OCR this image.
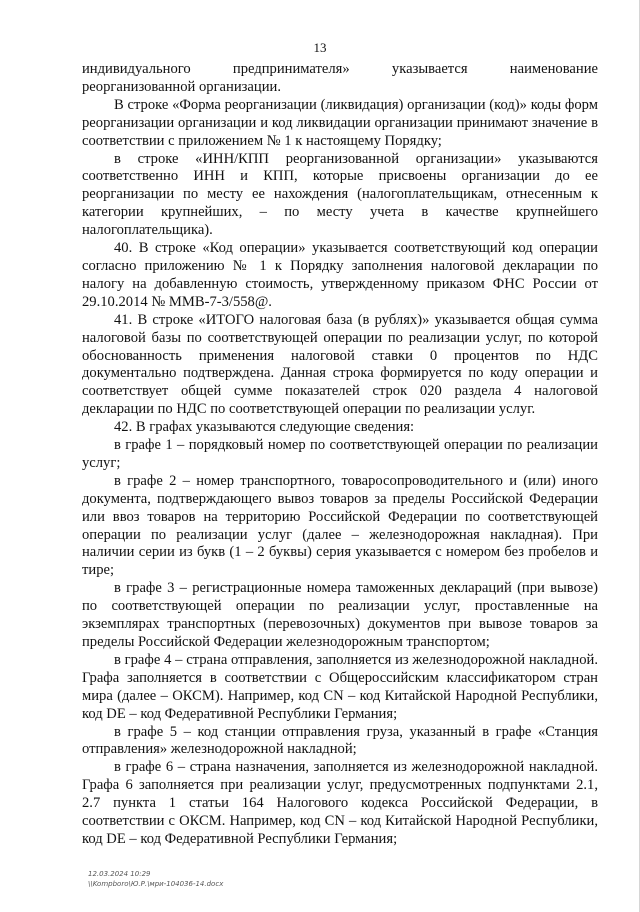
13

индивидуального предпринимателя» указывается наименование реорганизованной организации.

В строке «Форма реорганизации (ликвидация) организации (код)» коды форм реорганизации организации и код ликвидации организации принимают значение в соответствии с приложением № 1 к настоящему Порядку;

в строке «ИНН/КПП реорганизованной организации» указываются соответственно ИНН и КПП, которые присвоены организации до ее реорганизации по месту ее нахождения (налогоплательщикам, отнесенным к категории крупнейших, – по месту учета в качестве крупнейшего налогоплательщика).

40. В строке «Код операции» указывается соответствующий код операции согласно приложению № 1 к Порядку заполнения налоговой декларации по налогу на добавленную стоимость, утвержденному приказом ФНС России от 29.10.2014 № ММВ-7-3/558@.

41. В строке «ИТОГО налоговая база (в рублях)» указывается общая сумма налоговой базы по соответствующей операции по реализации услуг, по которой обоснованность применения налоговой ставки 0 процентов по НДС документально подтверждена. Данная строка формируется по коду операции и соответствует общей сумме показателей строк 020 раздела 4 налоговой декларации по НДС по соответствующей операции по реализации услуг.

42. В графах указываются следующие сведения:

в графе 1 – порядковый номер по соответствующей операции по реализации услуг;

в графе 2 – номер транспортного, товаросопроводительного и (или) иного документа, подтверждающего вывоз товаров за пределы Российской Федерации или ввоз товаров на территорию Российской Федерации по соответствующей операции по реализации услуг (далее – железнодорожная накладная). При наличии серии из букв (1 – 2 буквы) серия указывается с номером без пробелов и тире;

в графе 3 – регистрационные номера таможенных деклараций (при вывозе) по соответствующей операции по реализации услуг, проставленные на экземплярах транспортных (перевозочных) документов при вывозе товаров за пределы Российской Федерации железнодорожным транспортом;

в графе 4 – страна отправления, заполняется из железнодорожной накладной. Графа заполняется в соответствии с Общероссийским классификатором стран мира (далее – ОКСМ). Например, код CN – код Китайской Народной Республики, код DE – код Федеративной Республики Германия;

в графе 5 – код станции отправления груза, указанный в графе «Станция отправления» железнодорожной накладной;

в графе 6 – страна назначения, заполняется из железнодорожной накладной. Графа 6 заполняется при реализации услуг, предусмотренных подпунктами 2.1, 2.7 пункта 1 статьи 164 Налогового кодекса Российской Федерации, в соответствии с ОКСМ. Например, код CN – код Китайской Народной Республики, код DE – код Федеративной Республики Германия;

12.03.2024 10:29
\\Kompboro\Ю.Р.\мри-104036-14.docx
